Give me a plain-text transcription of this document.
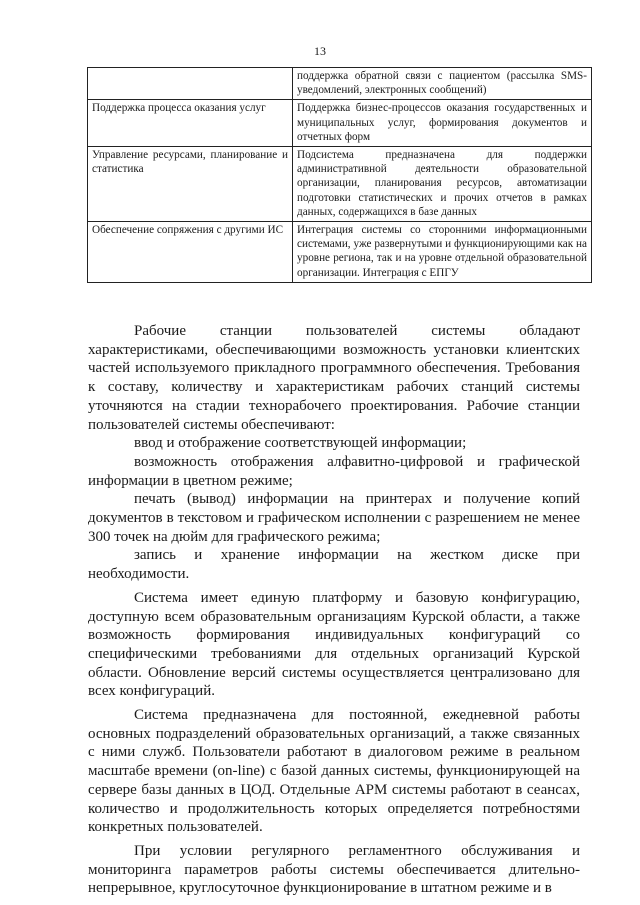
13
	поддержка обратной связи с пациентом (рассылка SMS-уведомлений, электронных сообщений)
Поддержка процесса оказания услуг	Поддержка бизнес-процессов оказания государственных и муниципальных услуг, формирования документов и отчетных форм
Управление ресурсами, планирование и статистика	Подсистема предназначена для поддержки административной деятельности образовательной организации, планирования ресурсов, автоматизации подготовки статистических и прочих отчетов в рамках данных, содержащихся в базе данных
Обеспечение сопряжения с другими ИС	Интеграция системы со сторонними информационными системами, уже развернутыми и функционирующими как на уровне региона, так и на уровне отдельной образовательной организации. Интеграция с ЕПГУ

Рабочие станции пользователей системы обладают характеристиками, обеспечивающими возможность установки клиентских частей используемого прикладного программного обеспечения. Требования к составу, количеству и характеристикам рабочих станций системы уточняются на стадии технорабочего проектирования. Рабочие станции пользователей системы обеспечивают:

ввод и отображение соответствующей информации;

возможность отображения алфавитно-цифровой и графической информации в цветном режиме;

печать (вывод) информации на принтерах и получение копий документов в текстовом и графическом исполнении с разрешением не менее 300 точек на дюйм для графического режима;

запись и хранение информации на жестком диске при необходимости.

Система имеет единую платформу и базовую конфигурацию, доступную всем образовательным организациям Курской области, а также возможность формирования индивидуальных конфигураций со специфическими требованиями для отдельных организаций Курской области. Обновление версий системы осуществляется централизовано для всех конфигураций.

Система предназначена для постоянной, ежедневной работы основных подразделений образовательных организаций, а также связанных с ними служб. Пользователи работают в диалоговом режиме в реальном масштабе времени (on-line) с базой данных системы, функционирующей на сервере базы данных в ЦОД. Отдельные АРМ системы работают в сеансах, количество и продолжительность которых определяется потребностями конкретных пользователей.

При условии регулярного регламентного обслуживания и мониторинга параметров работы системы обеспечивается длительно-непрерывное, круглосуточное функционирование в штатном режиме и в
